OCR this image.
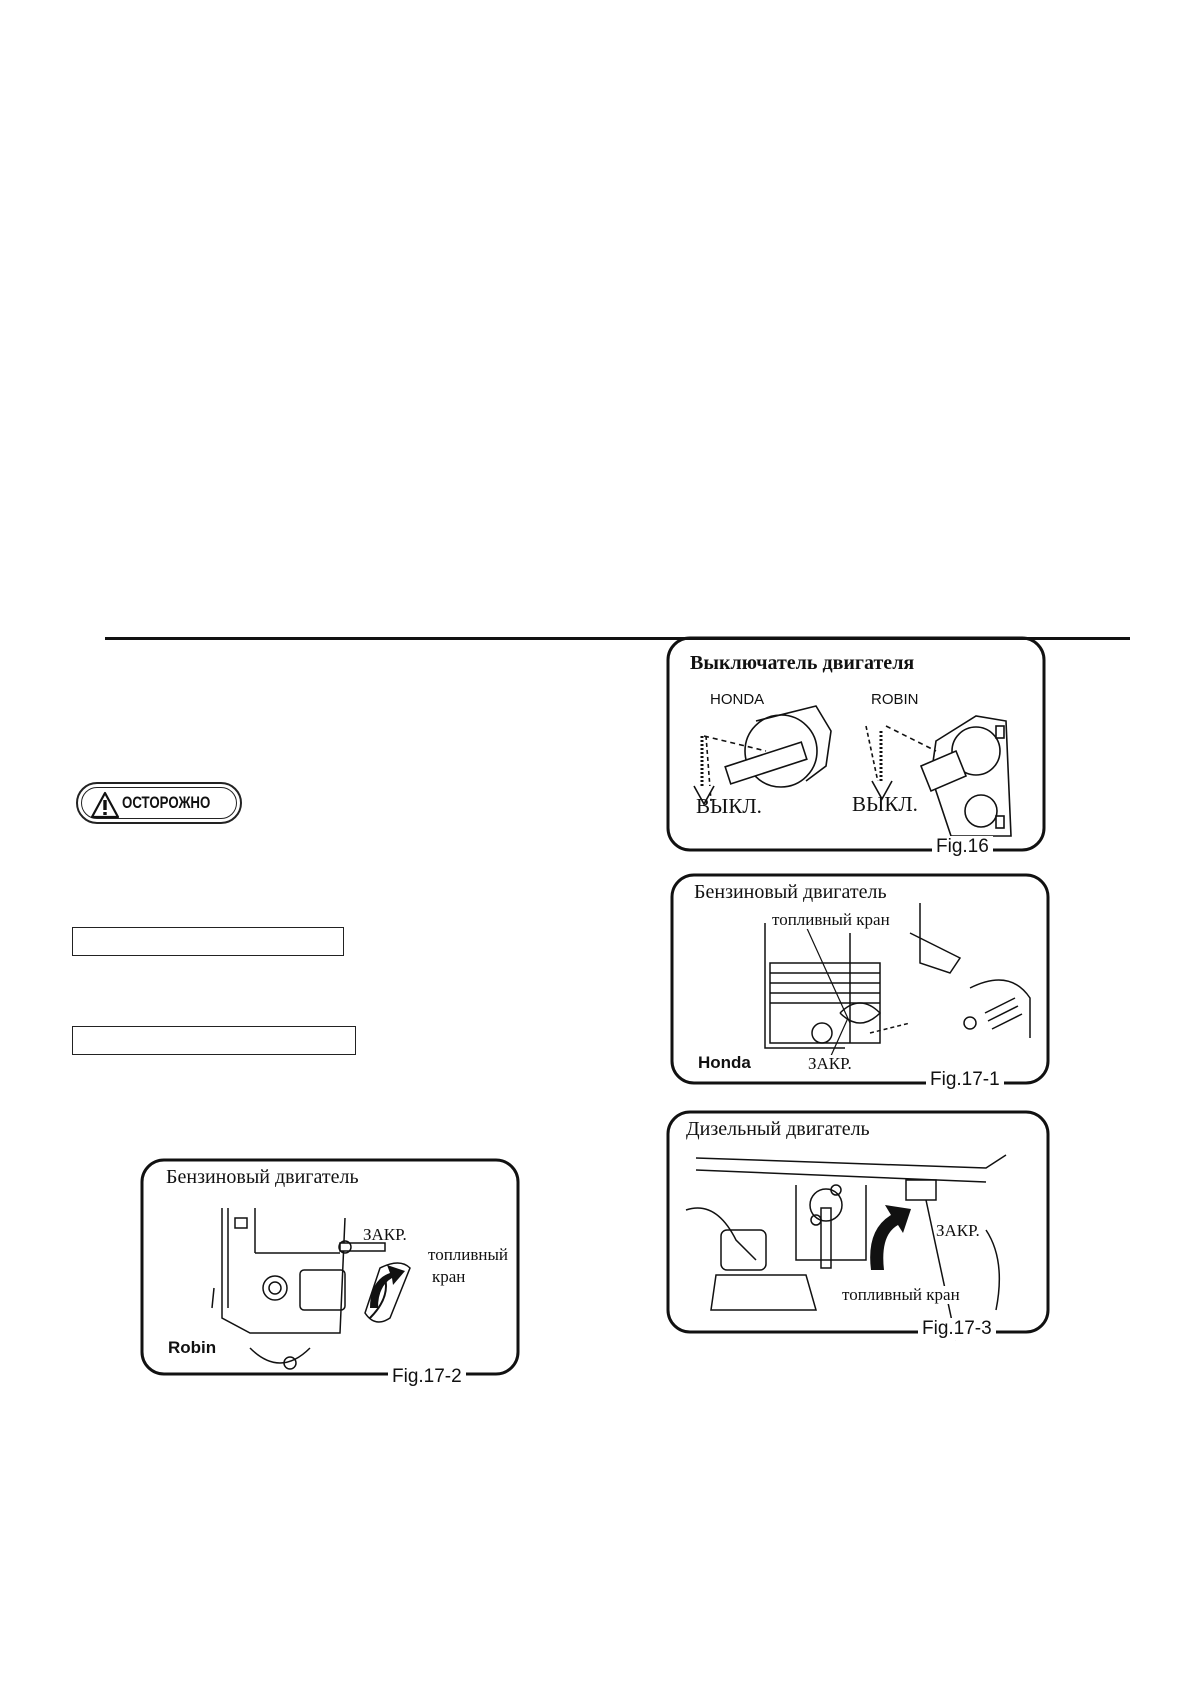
ОСТОРОЖНО
Выключатель двигателя
HONDA	ROBIN
ВЫКЛ.	ВЫКЛ.
Fig.16
Бензиновый двигатель
топливный кран
ЗАКР.
Honda
Fig.17-1
Дизельный двигатель
ЗАКР.
топливный кран
Fig.17-3
Бензиновый двигатель
ЗАКР.
топливный
кран
Robin
Fig.17-2
